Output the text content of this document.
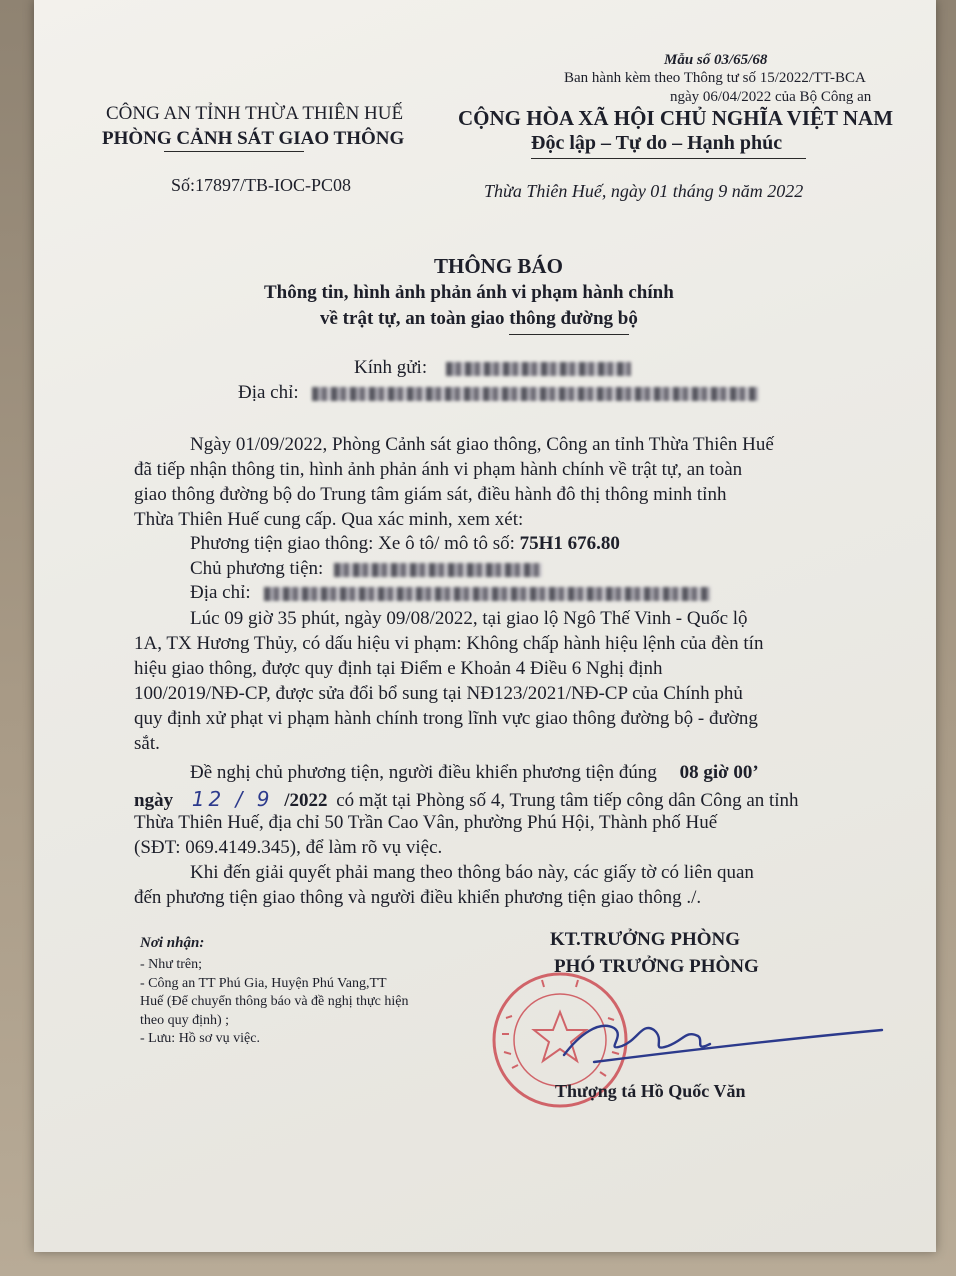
Mẫu số 03/65/68
Ban hành kèm theo Thông tư số 15/2022/TT-BCA
ngày 06/04/2022 của Bộ Công an
CÔNG AN TỈNH THỪA THIÊN HUẾ
PHÒNG CẢNH SÁT GIAO THÔNG
Số:17897/TB-IOC-PC08
CỘNG HÒA XÃ HỘI CHỦ NGHĨA VIỆT NAM
Độc lập – Tự do – Hạnh phúc
Thừa Thiên Huế, ngày 01 tháng 9 năm 2022
THÔNG BÁO
Thông tin, hình ảnh phản ánh vi phạm hành chính
về trật tự, an toàn giao thông đường bộ
Kính gửi:
Địa chỉ:
Ngày 01/09/2022, Phòng Cảnh sát giao thông, Công an tỉnh Thừa Thiên Huế
đã tiếp nhận thông tin, hình ảnh phản ánh vi phạm hành chính về trật tự, an toàn
giao thông đường bộ do Trung tâm giám sát, điều hành đô thị thông minh tỉnh
Thừa Thiên Huế cung cấp. Qua xác minh, xem xét:
Phương tiện giao thông: Xe ô tô/ mô tô số: 75H1 676.80
Chủ phương tiện:
Địa chỉ:
Lúc 09 giờ 35 phút, ngày 09/08/2022, tại giao lộ Ngô Thế Vinh - Quốc lộ
1A, TX Hương Thủy, có dấu hiệu vi phạm: Không chấp hành hiệu lệnh của đèn tín
hiệu giao thông, được quy định tại Điểm e Khoản 4 Điều 6 Nghị định
100/2019/NĐ-CP, được sửa đổi bổ sung tại NĐ123/2021/NĐ-CP của Chính phủ
quy định xử phạt vi phạm hành chính trong lĩnh vực giao thông đường bộ - đường
sắt.
Đề nghị chủ phương tiện, người điều khiển phương tiện đúng 08 giờ 00’
ngày 12 / 9 /2022 có mặt tại Phòng số 4, Trung tâm tiếp công dân Công an tỉnh
Thừa Thiên Huế, địa chỉ 50 Trần Cao Vân, phường Phú Hội, Thành phố Huế
(SĐT: 069.4149.345), để làm rõ vụ việc.
Khi đến giải quyết phải mang theo thông báo này, các giấy tờ có liên quan
đến phương tiện giao thông và người điều khiển phương tiện giao thông ./.
Nơi nhận:
- Như trên;
- Công an TT Phú Gia, Huyện Phú Vang,TT
Huế (Để chuyển thông báo và đề nghị thực hiện
theo quy định) ;
- Lưu: Hồ sơ vụ việc.
KT.TRƯỞNG PHÒNG
PHÓ TRƯỞNG PHÒNG
Thượng tá Hồ Quốc Văn
